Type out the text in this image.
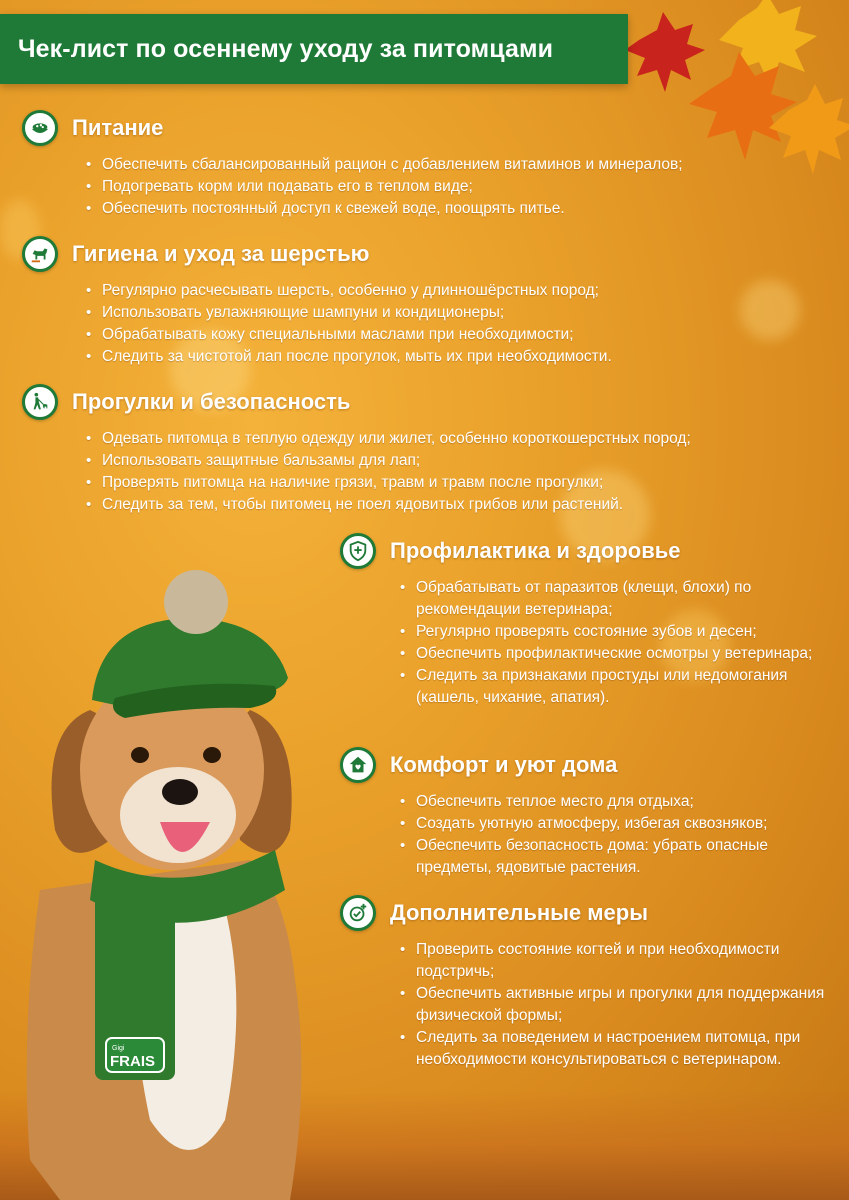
Чек-лист по осеннему уходу за питомцами
Питание
• Обеспечить сбалансированный рацион с добавлением витаминов и минералов;
• Подогревать корм или подавать его в теплом виде;
• Обеспечить постоянный доступ к свежей воде, поощрять питье.
Гигиена и уход за шерстью
• Регулярно расчесывать шерсть, особенно у длинношёрстных пород;
• Использовать увлажняющие шампуни и кондиционеры;
• Обрабатывать кожу специальными маслами при необходимости;
• Следить за чистотой лап после прогулок, мыть их при необходимости.
Прогулки и безопасность
• Одевать питомца в теплую одежду или жилет, особенно короткошерстных пород;
• Использовать защитные бальзамы для лап;
• Проверять питомца на наличие грязи, травм и травм после прогулки;
• Следить за тем, чтобы питомец не поел ядовитых грибов или растений.
Gigi
FRAIS
Профилактика и здоровье
• Обрабатывать от паразитов (клещи, блохи) по рекомендации ветеринара;
• Регулярно проверять состояние зубов и десен;
• Обеспечить профилактические осмотры у ветеринара;
• Следить за признаками простуды или недомогания (кашель, чихание, апатия).
Комфорт и уют дома
• Обеспечить теплое место для отдыха;
• Создать уютную атмосферу, избегая сквозняков;
• Обеспечить безопасность дома: убрать опасные предметы, ядовитые растения.
Дополнительные меры
• Проверить состояние когтей и при необходимости подстричь;
• Обеспечить активные игры и прогулки для поддержания физической формы;
• Следить за поведением и настроением питомца, при необходимости консультироваться с ветеринаром.
